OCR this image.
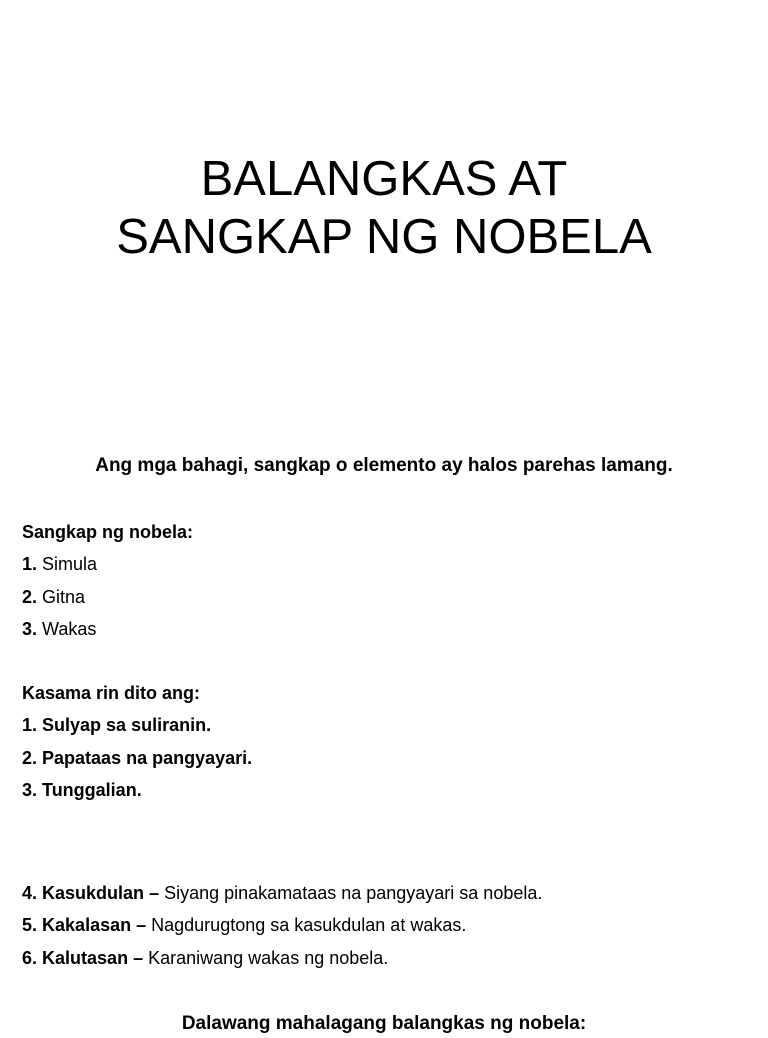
BALANGKAS AT
SANGKAP NG NOBELA

Ang mga bahagi, sangkap o elemento ay halos parehas lamang.

Sangkap ng nobela:
1. Simula
2. Gitna
3. Wakas
Kasama rin dito ang:
1. Sulyap sa suliranin.
2. Papataas na pangyayari.
3. Tunggalian.
4. Kasukdulan – Siyang pinakamataas na pangyayari sa nobela.
5. Kakalasan – Nagdurugtong sa kasukdulan at wakas.
6. Kalutasan – Karaniwang wakas ng nobela.

Dalawang mahalagang balangkas ng nobela:
